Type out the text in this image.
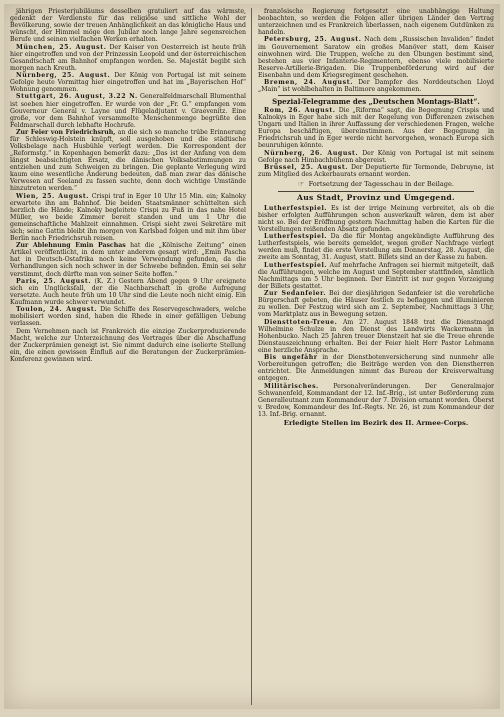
jährigen Priesterjubiläums desselben gratuliert auf das wärmste, gedenkt der Verdienste für das religiöse und sittliche Wohl der Bevölkerung, sowie der treuen Anhänglichkeit an das königliche Haus und wünscht, der Himmel möge den Jubilar noch lange Jahre segensreichen Berufe und seinen vielfachen Werken erhalten.

München, 25. August. Der Kaiser von Oesterreich ist heute früh hier eingetroffen und von der Prinzessin Leopold und der österreichischen Gesandtschaft am Bahnhof empfangen worden. Se. Majestät begibt sich morgen nach Kreuth.

Nürnberg, 25. August. Der König von Portugal ist mit seinem Gefolge heute Vormittag hier eingetroffen und hat im „Bayerischen Hof“ Wohnung genommen.

Stuttgart, 26. August, 3.22 N. Generalfeldmarschall Blumenthal ist soeben hier eingetroffen. Er wurde von der „Fr. G.“ empfangen vom Gouverneur General v. Layne und Flügeladjutant v. Graevenitz. Eine große, vor dem Bahnhof versammelte Menschenmenge begrüßte den Feldmarschall durch lebhafte Hochrufe.

Zur Feier von Friedrichsruh, an die sich so manche trübe Erinnerung für Schleswig-Holstein knüpft, soll ausgehoben und die städtische Volksbelage nach Husbühle verlegt werden. Die Korrespondent der „Reformstg.“ in Kopenhagen bemerkt dazu: „Das ist der Anfang von dem längst beabsichtigten Ersatz, die dänischen Volksabstimmungen zu entziehen und zum Schweigen zu bringen. Die geplante Verlegung wird kaum eine wesentliche Änderung bedeuten, daß man zwar das dänische Verwesen auf Seeland zu fassen suchte, denn doch wichtige Umstände hinzutreten werden.“

Wien, 25. August. Crispi traf in Eger 10 Uhr 15 Min. ein; Kalnoky erwartete ihn am Bahnhof. Die beiden Staatsmänner schüttelten sich herzlich die Hände; Kalnoky begleitete Crispi zu Fuß in das nahe Hotel Müller, wo beide Zimmer bereit standen und um 1 Uhr die gemeinschaftliche Mahlzeit einnahmen. Crispi sieht zwei Sekretäre mit sich; seine Gattin bleibt ihn morgen von Karlsbad folgen und mit ihm über Berlin nach Friedrichsruh reisen.

Zur Ablehnung Emin Paschas hat die „Kölnische Zeitung“ einen Artikel veröffentlicht, in dem unter anderem gesagt wird: „Emin Pascha hat in Deutsch-Ostafrika noch keine Verwendung gefunden, da die Verhandlungen sich noch schwer in der Schwebe befinden. Emin sei sehr verstimmt, doch dürfte man von seiner Seite hoffen.“

Paris, 25. August. (K. Z.) Gestern Abend gegen 9 Uhr ereignete sich ein Unglücksfall, der die Nachbarschaft in große Aufregung versetzte. Auch heute früh um 10 Uhr sind die Leute noch nicht einig. Ein Kaufmann wurde schwer verwundet.

Toulon, 24. August. Die Schiffe des Reservegeschwaders, welche mobilisiert worden sind, haben die Rhede in einer gefälligen Uebung verlassen.

Dem Vernehmen nach ist Frankreich die einzige Zuckerproduzierende Macht, welche zur Unterzeichnung des Vertrages über die Abschaffung der Zuckerprämien geneigt ist. Sie nimmt dadurch eine isolierte Stellung ein, die einen gewissen Einfluß auf die Beratungen der Zuckerprämien-Konferenz gewinnen wird.

französische Regierung fortgesetzt eine unabhängige Haltung beobachten, so werden die Folgen aller übrigen Länder den Vertrag unterzeichnen und es Frankreich überlassen, nach eigenem Gutdünken zu handeln.

Petersburg, 25. August. Nach dem „Russischen Invaliden“ findet im Gouvernement Saratow ein großes Manöver statt, dem Kaiser einwohnen wird. Die Truppen, welche zu den Übungen bestimmt sind, bestehen aus vier Infanterie-Regimentern, ebenso viele mobilisierte Reserve-Artillerie-Brigaden. Die Truppenbeförderung wird auf der Eisenbahn und dem Kriegsregiment geschehen.

Bremen, 24. August. Der Dampfer des Norddeutschen Lloyd „Main“ ist wohlbehalten in Baltimore angekommen.

Spezial-Telegramme des „Deutschen Montags-Blatt“.

Rom, 26. August. Die „Riforma“ sagt, die Begegnung Crispis und Kalnokys in Eger habe sich mit der Regelung von Differenzen zwischen Ungarn und Italien in ihrer Auffassung der verschiedenen Fragen, welche Europa beschäftigen, übereinstimmen. Aus der Begegnung in Friedrichsruh und in Eger werde nicht hervorgehen, wonach Europa sich beunruhigen könnte.

Nürnberg, 26. August. Der König von Portugal ist mit seinem Gefolge nach Himbachbühenn abgereist.

Brüssel, 25. August. Der Deputierte für Termonde, Debruyne, ist zum Mitglied des Ackerbaurats ernannt worden.

☞ Fortsetzung der Tagesschau in der Beilage.
Aus Stadt, Provinz und Umgegend.

Lutherfestspiel. Es ist der irrige Meinung verbreitet, als ob die bisher erfolgten Aufführungen schon ausverkauft wären, dem ist aber nicht so. Bei der Eröffnung gestern Nachmittag haben die Karten für die Vorstellungen reißenden Absatz gefunden.

Lutherfestspiel. Da die für Montag angekündigte Aufführung des Lutherfestspiels, wie bereits gemeldet, wegen großer Nachfrage verlegt werden muß, findet die erste Vorstellung am Donnerstag, 28. August, die zweite am Sonntag, 31. August, statt. Billets sind an der Kasse zu haben.

Lutherfestspiel. Auf mehrfache Anfragen sei hiermit mitgeteilt, daß die Aufführungen, welche im August und September stattfinden, sämtlich Nachmittags um 5 Uhr beginnen. Der Eintritt ist nur gegen Vorzeigung der Billets gestattet.

Zur Sedanfeier. Bei der diesjährigen Sedanfeier ist die verehrliche Bürgerschaft gebeten, die Häuser festlich zu beflaggen und illuminieren zu wollen. Der Festzug wird sich am 2. September, Nachmittags 3 Uhr, vom Marktplatz aus in Bewegung setzen.

Diensttoten-Treue. Am 27. August 1848 trat die Dienstmagd Wilhelmine Schulze in den Dienst des Landwirts Wackermann in Hohenbucko. Nach 25 Jahren treuer Dienstzeit hat sie die Treue ehrende Dienstauszeichnung erhalten. Bei der Feier hielt Herr Pastor Lehmann eine herzliche Ansprache.

Bis ungefähr in der Dienstbotenversicherung sind nunmehr alle Vorbereitungen getroffen; die Beiträge werden von den Dienstherren entrichtet. Die Anmeldungen nimmt das Bureau der Kreisverwaltung entgegen.

Militärisches. Personalveränderungen. Der Generalmajor Schwanenfeld, Kommandant der 12. Inf.-Brig., ist unter Beförderung zum Generalleutnant zum Kommandeur der 7. Division ernannt worden. Oberst v. Bredow, Kommandeur des Inf.-Regts. Nr. 26, ist zum Kommandeur der 13. Inf.-Brig. ernannt.

Erledigte Stellen im Bezirk des II. Armee-Corps.
